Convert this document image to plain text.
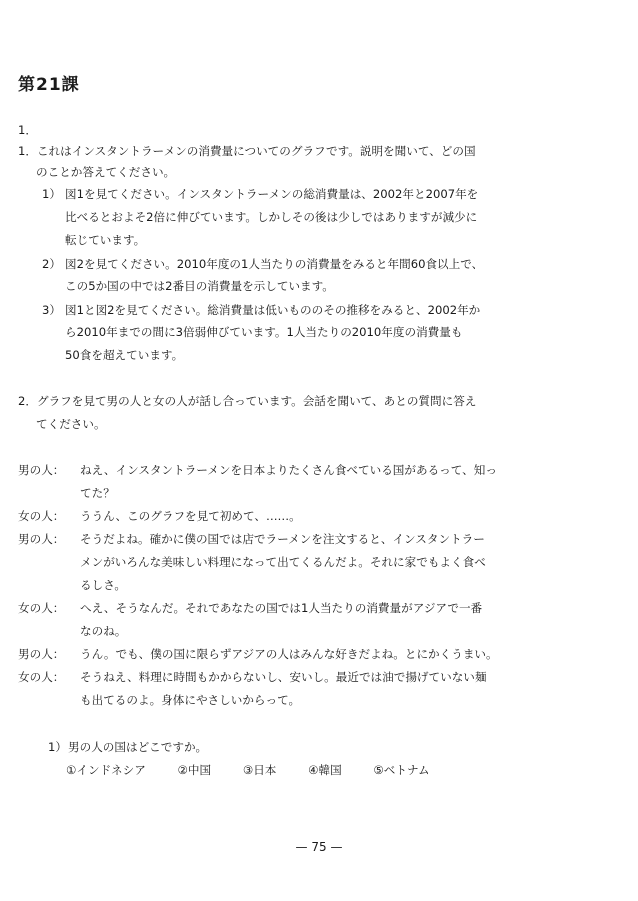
第21課
1．
1．これはインスタントラーメンの消費量についてのグラフです。説明を聞いて、どの国
のことか答えてください。
1） 図1を見てください。インスタントラーメンの総消費量は、2002年と2007年を
比べるとおよそ2倍に伸びています。しかしその後は少しではありますが減少に
転じています。
2） 図2を見てください。2010年度の1人当たりの消費量をみると年間60食以上で、
この5か国の中では2番目の消費量を示しています。
3） 図1と図2を見てください。総消費量は低いもののその推移をみると、2002年か
ら2010年までの間に3倍弱伸びています。1人当たりの2010年度の消費量も
50食を超えています。
2．グラフを見て男の人と女の人が話し合っています。会話を聞いて、あとの質問に答え
てください。
男の人： ねえ、インスタントラーメンを日本よりたくさん食べている国があるって、知っ
てた？
女の人： ううん、このグラフを見て初めて、……。
男の人： そうだよね。確かに僕の国では店でラーメンを注文すると、インスタントラー
メンがいろんな美味しい料理になって出てくるんだよ。それに家でもよく食べ
るしさ。
女の人： へえ、そうなんだ。それであなたの国では1人当たりの消費量がアジアで一番
なのね。
男の人： うん。でも、僕の国に限らずアジアの人はみんな好きだよね。とにかくうまい。
女の人： そうねえ、料理に時間もかからないし、安いし。最近では油で揚げていない麺
も出てるのよ。身体にやさしいからって。
1） 男の人の国はどこですか。
①インドネシア	②中国	③日本	④韓国	⑤ベトナム
— 75 —
